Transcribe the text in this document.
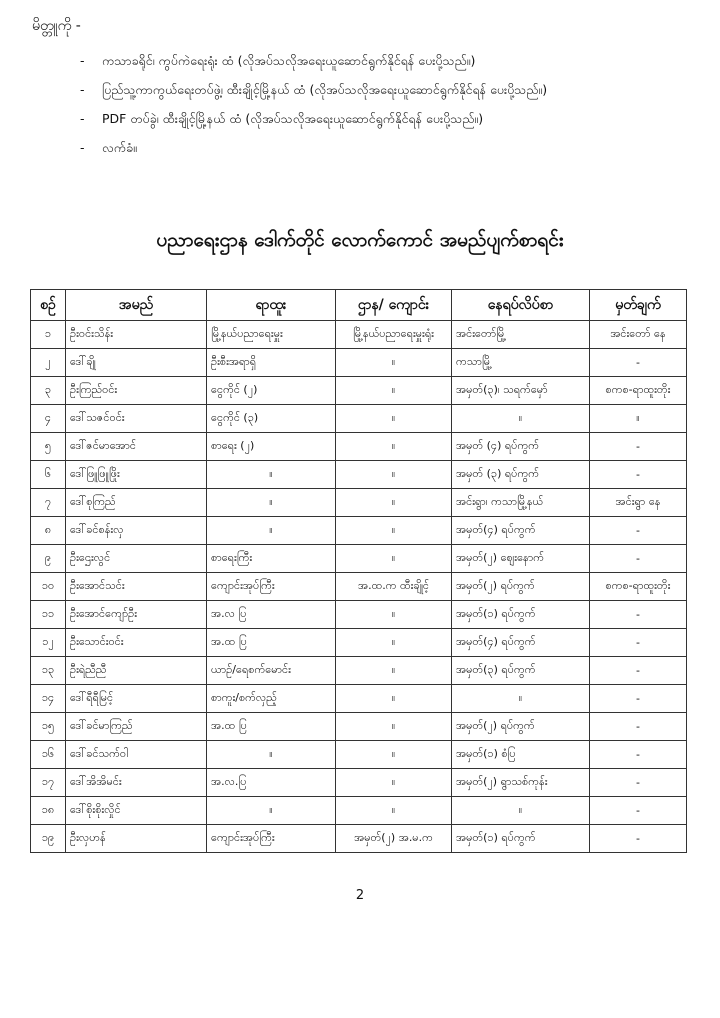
မိတ္တူကို -
- ကသာခရိုင်၊ ကွပ်ကဲရေးရုံး ထံ (လိုအပ်သလိုအရေးယူဆောင်ရွက်နိုင်ရန် ပေးပို့သည်။)
- ပြည်သူ့ကာကွယ်ရေးတပ်ဖွဲ့၊ ထီးချိုင့်မြို့နယ် ထံ (လိုအပ်သလိုအရေးယူဆောင်ရွက်နိုင်ရန် ပေးပို့သည်။)
- PDF တပ်ခွဲ၊ ထီးချိုင့်မြို့နယ် ထံ (လိုအပ်သလိုအရေးယူဆောင်ရွက်နိုင်ရန် ပေးပို့သည်။)
- လက်ခံ။
ပညာရေးဌာန ဒေါက်တိုင် လောက်ကောင် အမည်ပျက်စာရင်း
စဥ်	အမည်	ရာထူး	ဌာန/ ကျောင်း	နေရပ်လိပ်စာ	မှတ်ချက်
၁	ဦးဝင်းသိန်း	မြို့နယ်ပညာရေးမှူး	မြို့နယ်ပညာရေးမှူးရုံး	အင်းတော်မြို့	အင်းတော် နေ
၂	ဒေါ်ချို	ဦးစီးအရာရှိ	။	ကသာမြို့	-
၃	ဦးကြည်ဝင်း	ငွေကိုင် (၂)	။	အမှတ်(၃)၊ သရက်မှော်	စကစ-ရာထူးတိုး
၄	ဒေါ်သဇင်ဝင်း	ငွေကိုင် (၃)	။	။	။
၅	ဒေါ်ဇင်မာအောင်	စာရေး (၂)	။	အမှတ် (၄) ရပ်ကွက်	-
၆	ဒေါ်ဖြူဖြူဖြိုး	။	။	အမှတ် (၃) ရပ်ကွက်	-
၇	ဒေါ်စုကြည်	။	။	အင်းရွာ၊ ကသာမြို့နယ်	အင်းရွာ နေ
၈	ဒေါ်ခင်စန်းလှ	။	။	အမှတ်(၄) ရပ်ကွက်	-
၉	ဦးဌေးလွင်	စာရေးကြီး	။	အမှတ်(၂) ဈေးနောက်	-
၁၀	ဦးအောင်သင်း	ကျောင်းအုပ်ကြီး	အ.ထ.က ထီးချိုင့်	အမှတ်(၂) ရပ်ကွက်	စကစ-ရာထူးတိုး
၁၁	ဦးအောင်ကျော်ဦး	အ.လ ပြ	။	အမှတ်(၁) ရပ်ကွက်	-
၁၂	ဦးသောင်းဝင်း	အ.ထ ပြ	။	အမှတ်(၄) ရပ်ကွက်	-
၁၃	ဦးရဲညီညီ	ယာဥ်/ရေစက်မောင်း	။	အမှတ်(၃) ရပ်ကွက်	-
၁၄	ဒေါ်ရီရီမြင့်	စာကူး/စက်လှည့်	။	။	-
၁၅	ဒေါ်ခင်မာကြည်	အ.ထ ပြ	။	အမှတ်(၂) ရပ်ကွက်	-
၁၆	ဒေါ်ခင်သက်ဝါ	။	။	အမှတ်(၁) စံပြ	-
၁၇	ဒေါ်အိအိမင်း	အ.လ.ပြ	။	အမှတ်(၂) ရွာသစ်ကုန်း	-
၁၈	ဒေါ်စိုးစိုးလှိုင်	။	။	။	-
၁၉	ဦးလှဟန်	ကျောင်းအုပ်ကြီး	အမှတ်(၂) အ.မ.က	အမှတ်(၁) ရပ်ကွက်	-
2
